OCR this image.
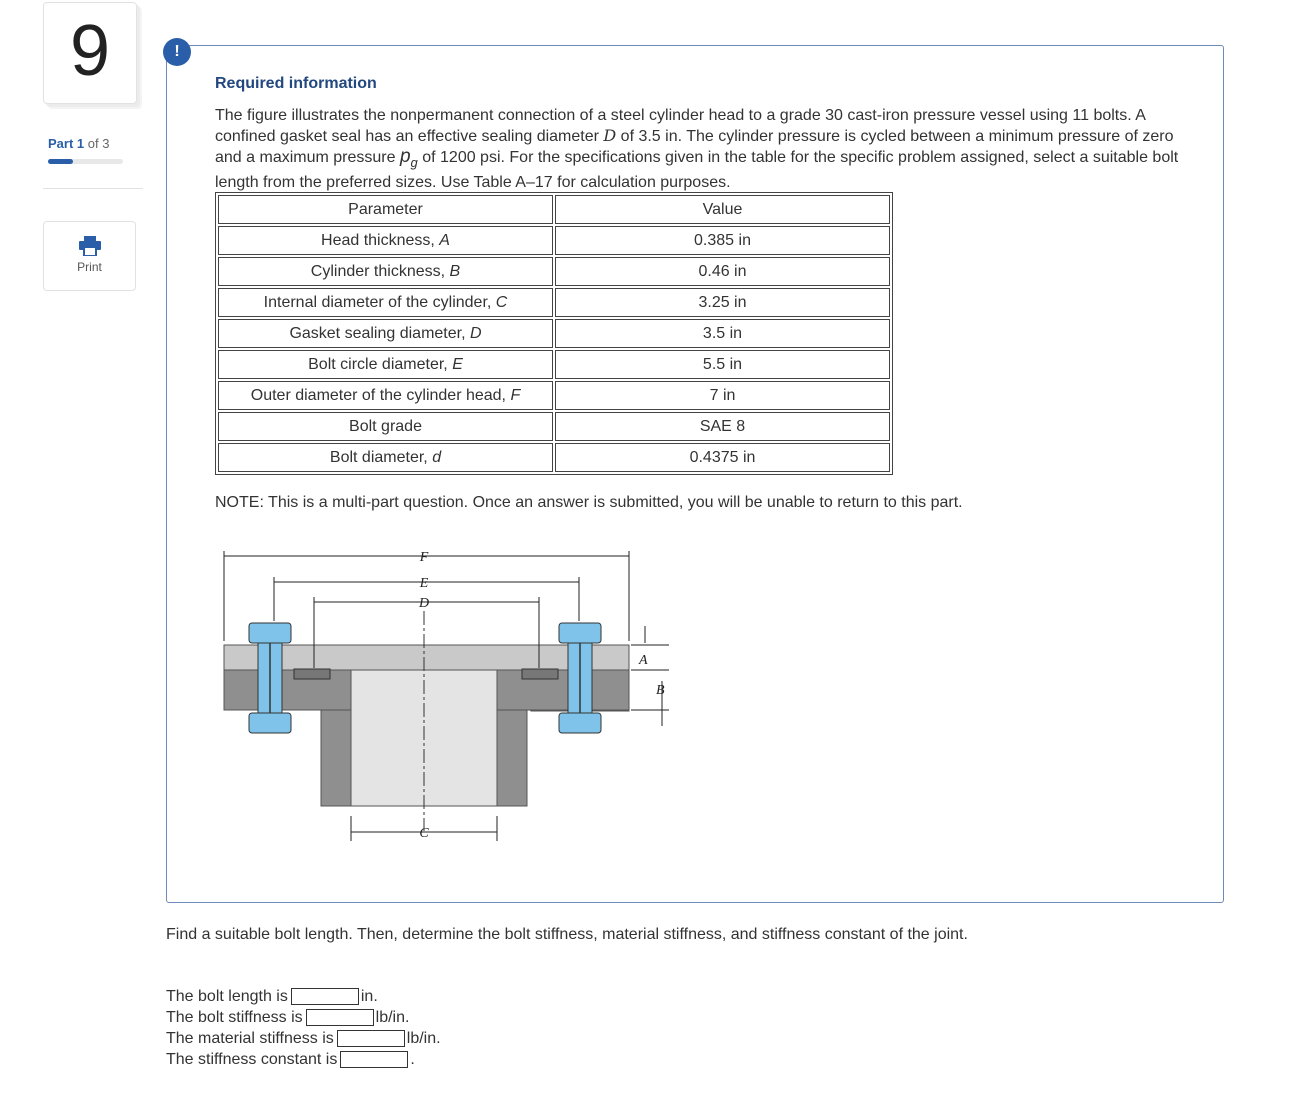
9
Part 1 of 3
Print
Required information
The figure illustrates the nonpermanent connection of a steel cylinder head to a grade 30 cast-iron pressure vessel using 11 bolts. A confined gasket seal has an effective sealing diameter D of 3.5 in. The cylinder pressure is cycled between a minimum pressure of zero and a maximum pressure $p_g$ of 1200 psi. For the specifications given in the table for the specific problem assigned, select a suitable bolt length from the preferred sizes. Use Table A–17 for calculation purposes.
Parameter	Value
Head thickness, A	0.385 in
Cylinder thickness, B	0.46 in
Internal diameter of the cylinder, C	3.25 in
Gasket sealing diameter, D	3.5 in
Bolt circle diameter, E	5.5 in
Outer diameter of the cylinder head, F	7 in
Bolt grade	SAE 8
Bolt diameter, d	0.4375 in
NOTE: This is a multi-part question. Once an answer is submitted, you will be unable to return to this part.
F
E
D
C
A
B
!
Find a suitable bolt length. Then, determine the bolt stiffness, material stiffness, and stiffness constant of the joint.
The bolt length is	in.
The bolt stiffness is	lb/in.
The material stiffness is	lb/in.
The stiffness constant is	.
